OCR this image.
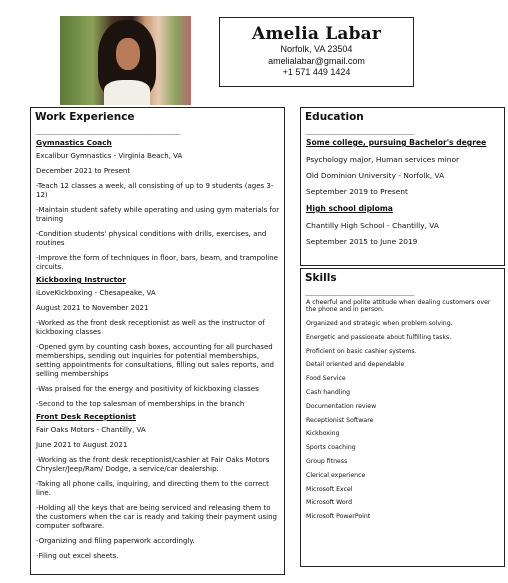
Amelia Labar
Norfolk, VA 23504
amelialabar@gmail.com
+1 571 449 1424
Work Experience
________________________________________________
Gymnastics Coach
Excalibur Gymnastics - Virginia Beach, VA
December 2021 to Present
-Teach 12 classes a week, all consisting of up to 9 students (ages 3-12)
-Maintain student safety while operating and using gym materials for training
-Condition students' physical conditions with drills, exercises, and routines
-Improve the form of techniques in floor, bars, beam, and trampoline circuits.
Kickboxing Instructor
iLoveKickboxing - Chesapeake, VA
August 2021 to November 2021
-Worked as the front desk receptionist as well as the instructor of kickboxing classes
-Opened gym by counting cash boxes, accounting for all purchased memberships, sending out inquiries for potential memberships, setting appointments for consultations, filling out sales reports, and selling memberships
-Was praised for the energy and positivity of kickboxing classes
-Second to the top salesman of memberships in the branch
Front Desk Receptionist
Fair Oaks Motors - Chantilly, VA
June 2021 to August 2021
-Working as the front desk receptionist/cashier at Fair Oaks Motors Chrysler/Jeep/Ram/ Dodge, a service/car dealership.
-Taking all phone calls, inquiring, and directing them to the correct line.
-Holding all the keys that are being serviced and releasing them to the customers when the car is ready and taking their payment using computer software.
-Organizing and filing paperwork accordingly.
-Filing out excel sheets.
Education
____________________________________
Some college, pursuing Bachelor's degree
Psychology major, Human services minor
Old Dominion University - Norfolk, VA
September 2019 to Present
High school diploma
Chantilly High School - Chantilly, VA
September 2015 to June 2019
Skills
____________________________________
A cheerful and polite attitude when dealing customers over the phone and in person.
Organized and strategic when problem solving.
Energetic and passionate about fulfilling tasks.
Proficient on basic cashier systems.
Detail oriented and dependable
Food Service
Cash handling
Documentation review
Receptionist Software
Kickboxing
Sports coaching
Group fitness
Clerical experience
Microsoft Excel
Microsoft Word
Microsoft PowerPoint
